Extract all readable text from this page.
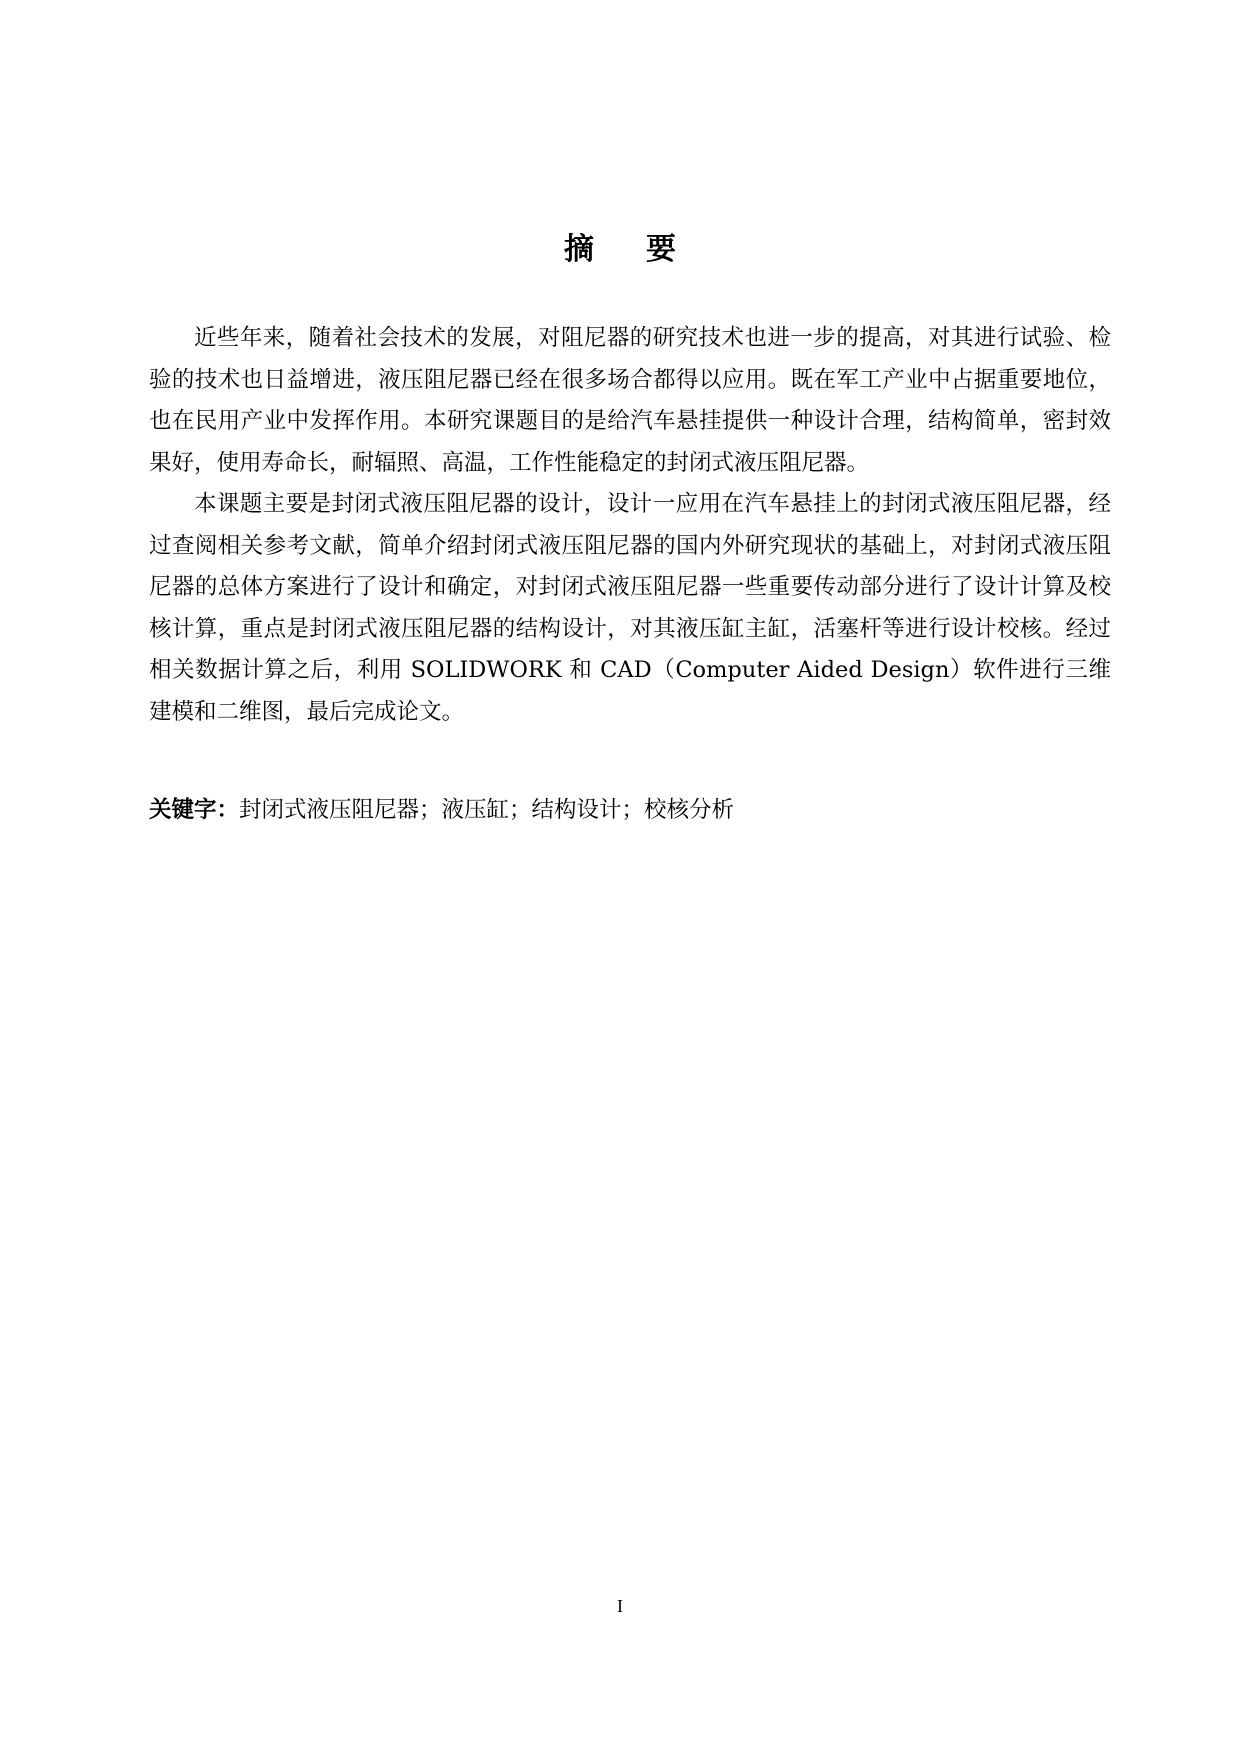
摘要

近些年来，随着社会技术的发展，对阻尼器的研究技术也进一步的提高，对其进行试验、检验的技术也日益增进，液压阻尼器已经在很多场合都得以应用。既在军工产业中占据重要地位，也在民用产业中发挥作用。本研究课题目的是给汽车悬挂提供一种设计合理，结构简单，密封效果好，使用寿命长，耐辐照、高温，工作性能稳定的封闭式液压阻尼器。

本课题主要是封闭式液压阻尼器的设计，设计一应用在汽车悬挂上的封闭式液压阻尼器，经过查阅相关参考文献，简单介绍封闭式液压阻尼器的国内外研究现状的基础上，对封闭式液压阻尼器的总体方案进行了设计和确定，对封闭式液压阻尼器一些重要传动部分进行了设计计算及校核计算，重点是封闭式液压阻尼器的结构设计，对其液压缸主缸，活塞杆等进行设计校核。经过相关数据计算之后，利用 SOLIDWORK 和 CAD（Computer Aided Design）软件进行三维建模和二维图，最后完成论文。

关键字：封闭式液压阻尼器；液压缸；结构设计；校核分析
I
